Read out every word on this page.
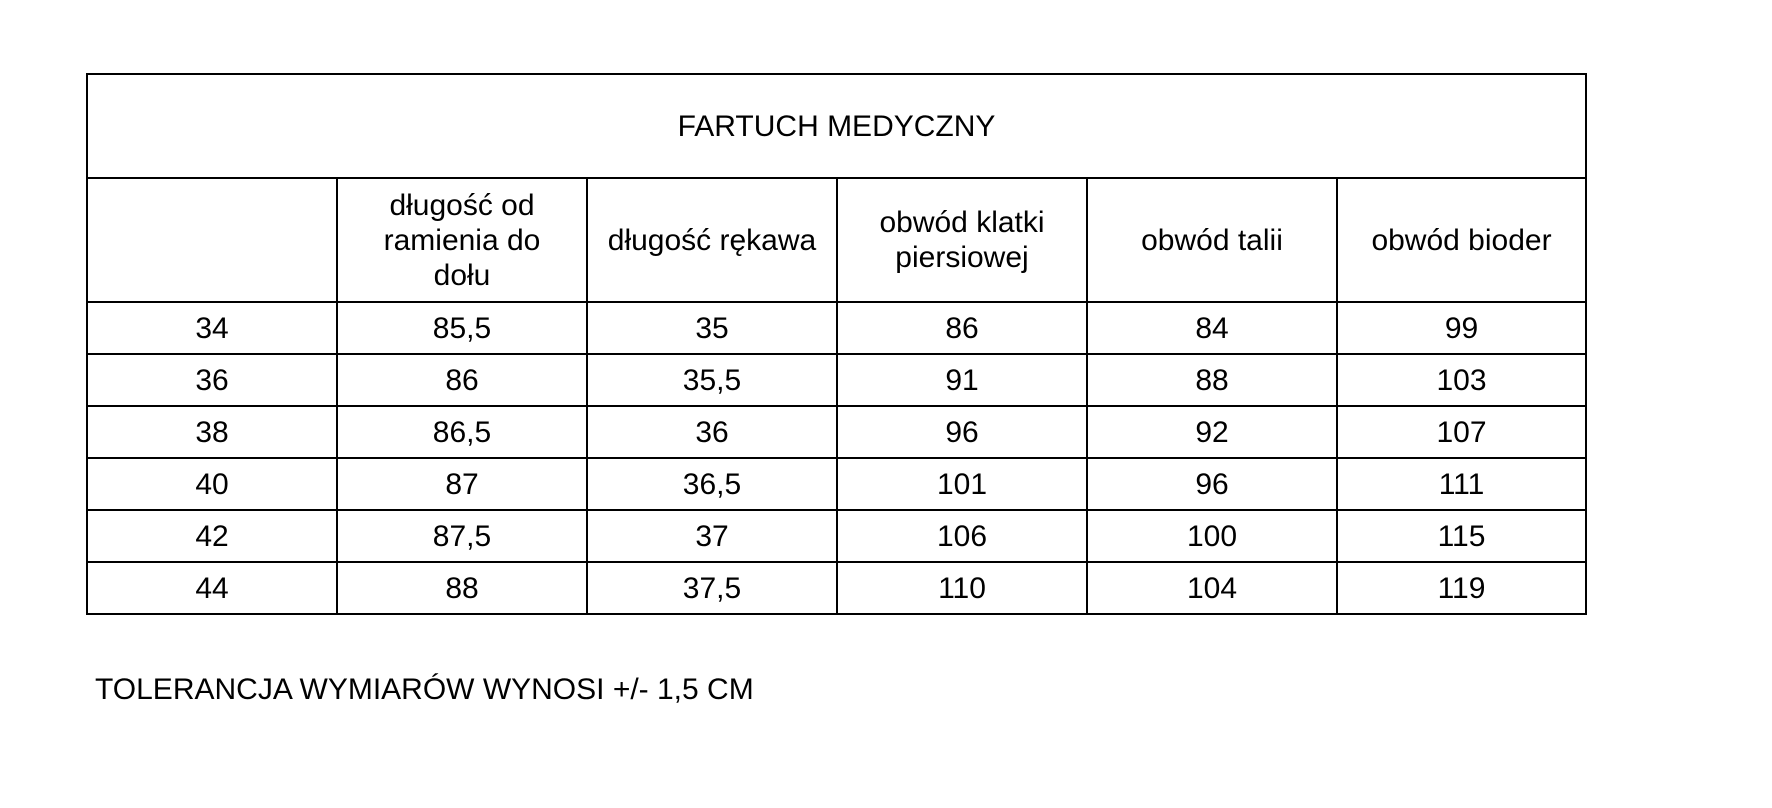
FARTUCH MEDYCZNY					
	długość od ramienia do dołu	długość rękawa	obwód klatki piersiowej	obwód talii	obwód bioder
34	85,5	35	86	84	99
36	86	35,5	91	88	103
38	86,5	36	96	92	107
40	87	36,5	101	96	111
42	87,5	37	106	100	115
44	88	37,5	110	104	119
TOLERANCJA WYMIARÓW WYNOSI +/- 1,5 CM
